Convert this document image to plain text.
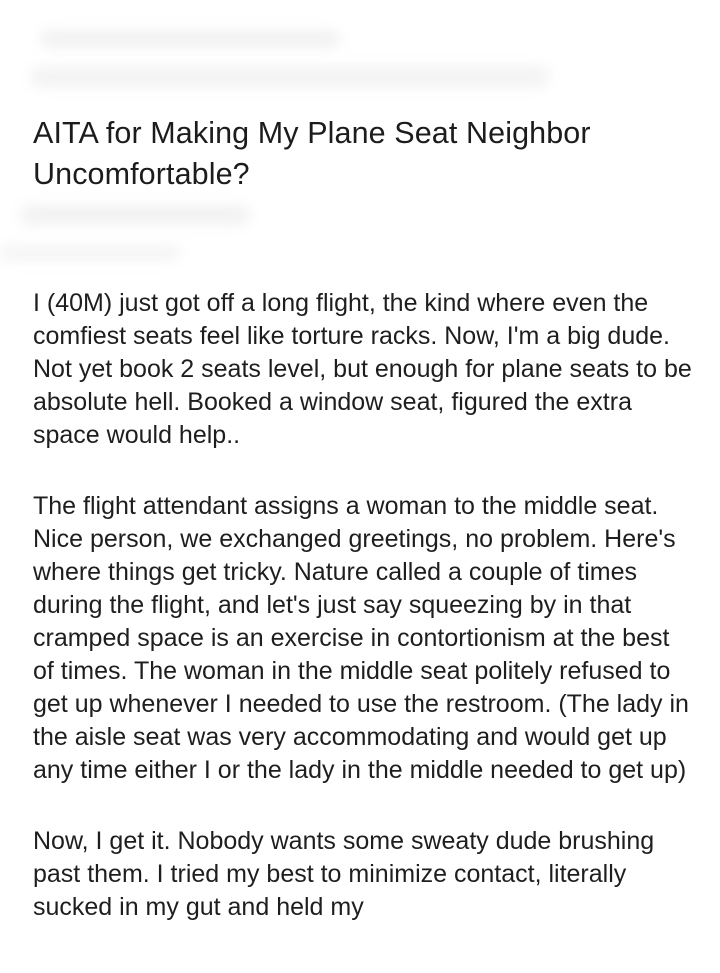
AITA for Making My Plane Seat Neighbor Uncomfortable?

I (40M) just got off a long flight, the kind where even the comfiest seats feel like torture racks. Now, I'm a big dude. Not yet book 2 seats level, but enough for plane seats to be absolute hell. Booked a window seat, figured the extra space would help..

The flight attendant assigns a woman to the middle seat. Nice person, we exchanged greetings, no problem. Here's where things get tricky. Nature called a couple of times during the flight, and let's just say squeezing by in that cramped space is an exercise in contortionism at the best of times. The woman in the middle seat politely refused to get up whenever I needed to use the restroom. (The lady in the aisle seat was very accommodating and would get up any time either I or the lady in the middle needed to get up)

Now, I get it. Nobody wants some sweaty dude brushing past them. I tried my best to minimize contact, literally sucked in my gut and held my
